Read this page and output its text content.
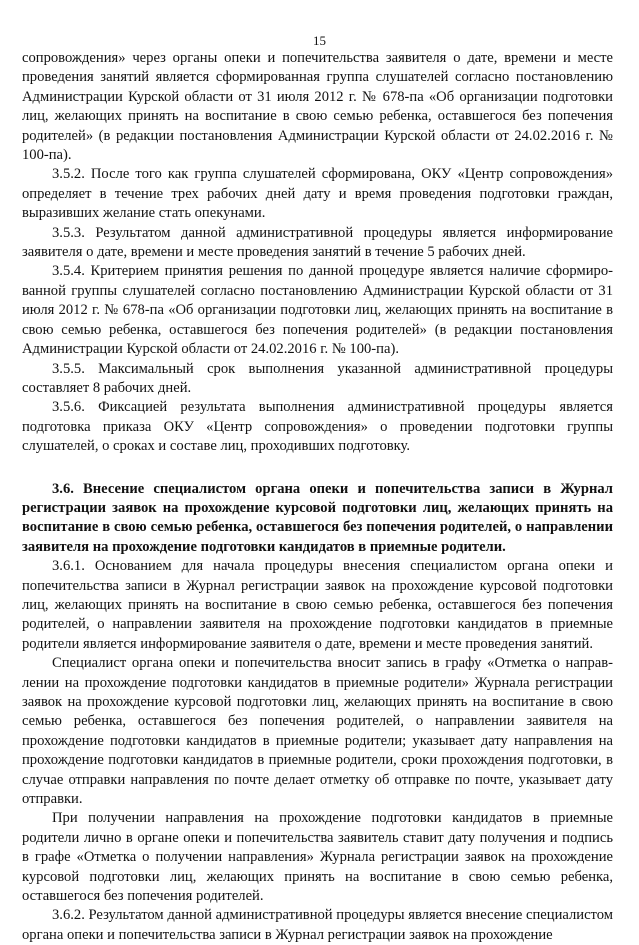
15

сопровождения» через органы опеки и попечительства заявителя о дате, времени и месте проведения занятий является сформированная группа слушателей согласно постановлению Администрации Курской области от 31 июля 2012 г. № 678-па «Об организации подготовки лиц, желающих принять на воспитание в свою семью ребенка, оставшегося без попечения родителей» (в редакции постановления Администрации Курской области от 24.02.2016 г. № 100-па).

3.5.2. После того как группа слушателей сформирована, ОКУ «Центр сопровождения» определяет в течение трех рабочих дней дату и время проведения подготовки граждан, выразивших желание стать опекунами.

3.5.3. Результатом данной административной процедуры является информирование заявителя о дате, времени и месте проведения занятий в течение 5 рабочих дней.

3.5.4. Критерием принятия решения по данной процедуре является наличие сформированной группы слушателей согласно постановлению Администрации Курской области от 31 июля 2012 г. № 678-па «Об организации подготовки лиц, желающих принять на воспитание в свою семью ребенка, оставшегося без попечения родителей» (в редакции постановления Администрации Курской области от 24.02.2016 г. № 100-па).

3.5.5. Максимальный срок выполнения указанной административной процедуры составляет 8 рабочих дней.

3.5.6. Фиксацией результата выполнения административной процедуры является подготовка приказа ОКУ «Центр сопровождения» о проведении подготовки группы слушателей, о сроках и составе лиц, проходивших подготовку.

3.6. Внесение специалистом органа опеки и попечительства записи в Журнал регистрации заявок на прохождение курсовой подготовки лиц, желающих принять на воспитание в свою семью ребенка, оставшегося без попечения родителей, о направлении заявителя на прохождение подготовки кандидатов в приемные родители.

3.6.1. Основанием для начала процедуры внесения специалистом органа опеки и попечительства записи в Журнал регистрации заявок на прохождение курсовой подготовки лиц, желающих принять на воспитание в свою семью ребенка, оставшегося без попечения родителей, о направлении заявителя на прохождение подготовки кандидатов в приемные родители является информирование заявителя о дате, времени и месте проведения занятий.

Специалист органа опеки и попечительства вносит запись в графу «Отметка о направлении на прохождение подготовки кандидатов в приемные родители» Журнала регистрации заявок на прохождение курсовой подготовки лиц, желающих принять на воспитание в свою семью ребенка, оставшегося без попечения родителей, о направлении заявителя на прохождение подготовки кандидатов в приемные родители; указывает дату направления на прохождение подготовки кандидатов в приемные родители, сроки прохождения подготовки, в случае отправки направления по почте делает отметку об отправке по почте, указывает дату отправки.

При получении направления на прохождение подготовки кандидатов в приемные родители лично в органе опеки и попечительства заявитель ставит дату получения и подпись в графе «Отметка о получении направления» Журнала регистрации заявок на прохождение курсовой подготовки лиц, желающих принять на воспитание в свою семью ребенка, оставшегося без попечения родителей.

3.6.2. Результатом данной административной процедуры является внесение специалистом органа опеки и попечительства записи в Журнал регистрации заявок на прохождение
